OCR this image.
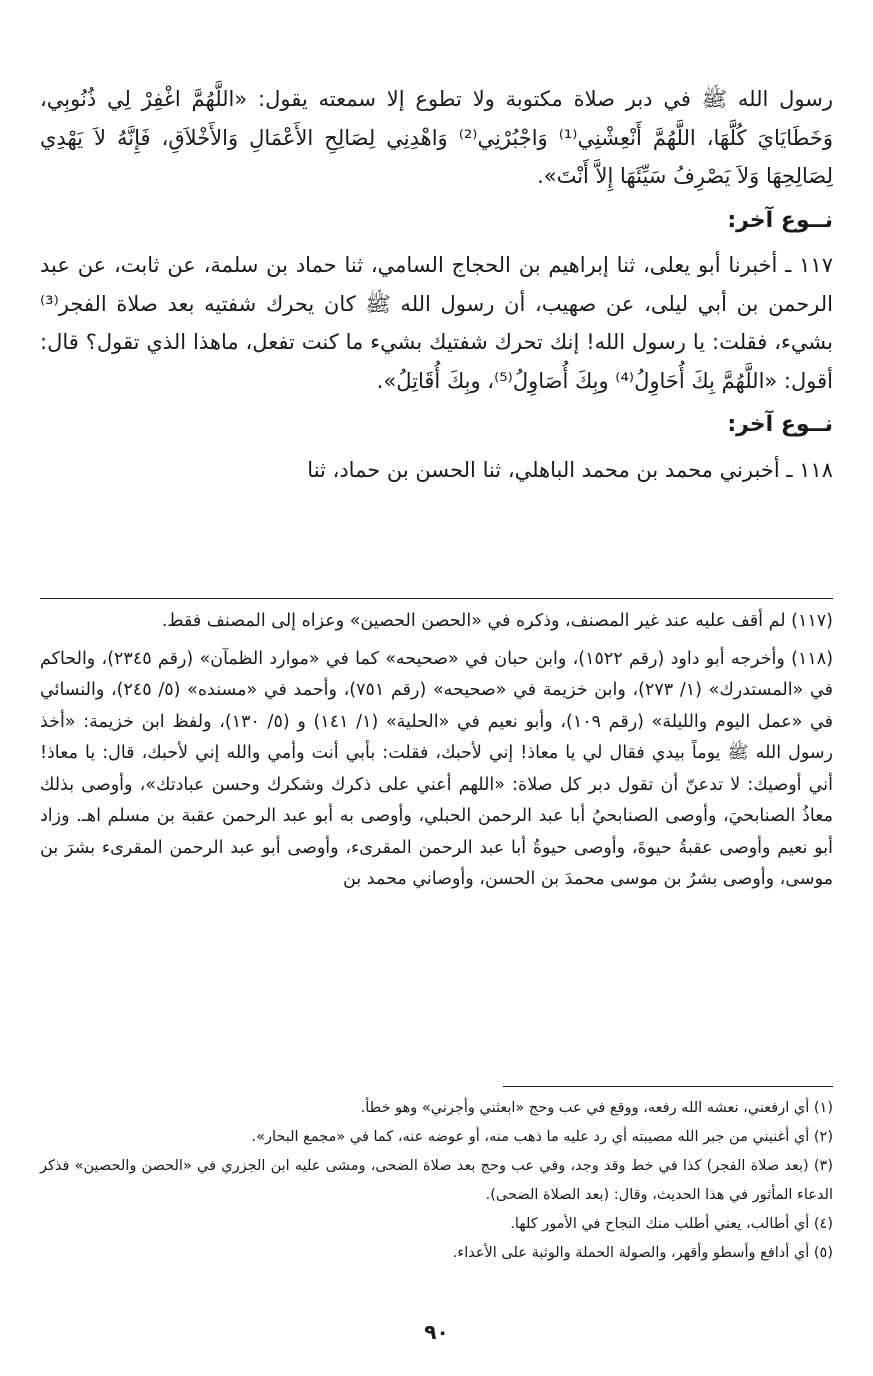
رسول الله ﷺ في دبر صلاة مكتوبة ولا تطوع إلا سمعته يقول: «اللَّهُمَّ اغْفِرْ لِي ذُنُوبِي، وَخَطَايَايَ كُلَّهَا، اللَّهُمَّ أَنْعِشْنِي⁽¹⁾ وَاجْبُرْنِي⁽²⁾ وَاهْدِنِي لِصَالِحِ الأَعْمَالِ وَالأَخْلاَقِ، فَإِنَّهُ لاَ يَهْدِي لِصَالِحِهَا وَلاَ يَصْرِفُ سَيِّئَهَا إِلاَّ أَنْتَ».

نــوع آخر:

١١٧ ـ أخبرنا أبو يعلى، ثنا إبراهيم بن الحجاج السامي، ثنا حماد بن سلمة، عن ثابت، عن عبد الرحمن بن أبي ليلى، عن صهيب، أن رسول الله ﷺ كان يحرك شفتيه بعد صلاة الفجر⁽³⁾ بشيء، فقلت: يا رسول الله! إنك تحرك شفتيك بشيء ما كنت تفعل، ماهذا الذي تقول؟ قال: أقول: «اللَّهُمَّ بِكَ أُحَاوِلُ⁽⁴⁾ وبِكَ أُصَاوِلُ⁽⁵⁾، وبِكَ أُقَاتِلُ».

نــوع آخر:

١١٨ ـ أخبرني محمد بن محمد الباهلي، ثنا الحسن بن حماد، ثنا

(١١٧) لم أقف عليه عند غير المصنف، وذكره في «الحصن الحصين» وعزاه إلى المصنف فقط.

(١١٨) وأخرجه أبو داود (رقم ١٥٢٢)، وابن حبان في «صحيحه» كما في «موارد الظمآن» (رقم ٢٣٤٥)، والحاكم في «المستدرك» (١/ ٢٧٣)، وابن خزيمة في «صحيحه» (رقم ٧٥١)، وأحمد في «مسنده» (٥/ ٢٤٥)، والنسائي في «عمل اليوم والليلة» (رقم ١٠٩)، وأبو نعيم في «الحلية» (١/ ١٤١) و (٥/ ١٣٠)، ولفظ ابن خزيمة: «أخذ رسول الله ﷺ يوماً بيدي فقال لي يا معاذ! إني لأحبك، فقلت: بأبي أنت وأمي والله إني لأحبك، قال: يا معاذ! أني أوصيك: لا تدعنّ أن تقول دبر كل صلاة: «اللهم أعني على ذكرك وشكرك وحسن عبادتك»، وأوصى بذلك معاذُ الصنابحيَ، وأوصى الصنابحيُ أبا عبد الرحمن الحبلي، وأوصى به أبو عبد الرحمن عقبة بن مسلم اهـ. وزاد أبو نعيم وأوصى عقبةُ حيوةَ، وأوصى حيوةُ أبا عبد الرحمن المقرىء، وأوصى أبو عبد الرحمن المقرىء بشرَ بن موسى، وأوصى بشرُ بن موسى محمدَ بن الحسن، وأوصاني محمد بن

(١) أي ارفعني، نعشه الله رفعه، ووقع في عب وحج «ابعثني وأجرني» وهو خطأ.

(٢) أي أغنيني من جبر الله مصيبته أي رد عليه ما ذهب منه، أو عوضه عنه، كما في «مجمع البحار».

(٣) (بعد صلاة الفجر) كذا في خط وقد وجد، وفي عب وحج بعد صلاة الضحى، ومشى عليه ابن الجزري في «الحصن والحصين» فذكر الدعاء المأثور في هذا الحديث، وقال: (بعد الصلاة الضحى).

(٤) أي أطالب، يعني أطلب منك النجاح في الأمور كلها.

(٥) أي أدافع وأسطو وأقهر، والصولة الحملة والوثبة على الأعداء.

٩٠
